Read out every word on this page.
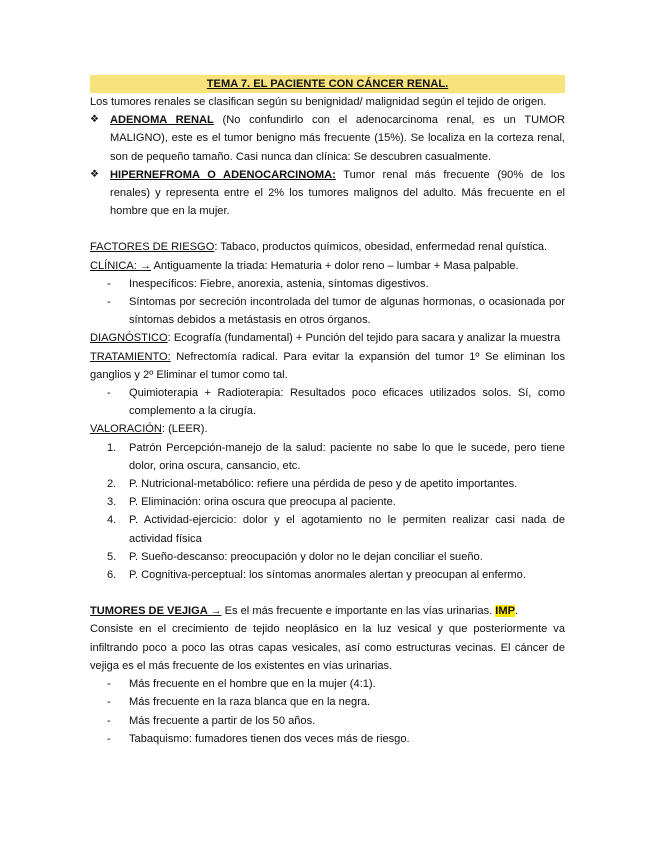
TEMA 7. EL PACIENTE CON CÁNCER RENAL.

Los tumores renales se clasifican según su benignidad/ malignidad según el tejido de origen.

❖ ADENOMA RENAL (No confundirlo con el adenocarcinoma renal, es un TUMOR MALIGNO), este es el tumor benigno más frecuente (15%). Se localiza en la corteza renal, son de pequeño tamaño. Casi nunca dan clínica: Se descubren casualmente.
❖ HIPERNEFROMA O ADENOCARCINOMA: Tumor renal más frecuente (90% de los renales) y representa entre el 2% los tumores malignos del adulto. Más frecuente en el hombre que en la mujer.

FACTORES DE RIESGO: Tabaco, productos químicos, obesidad, enfermedad renal quística.

CLÍNICA: → Antiguamente la triada: Hematuria + dolor reno – lumbar + Masa palpable.

-	Inespecíficos: Fiebre, anorexia, astenia, síntomas digestivos.
-	Síntomas por secreción incontrolada del tumor de algunas hormonas, o ocasionada por síntomas debidos a metástasis en otros órganos.

DIAGNÓSTICO: Ecografía (fundamental) + Punción del tejido para sacara y analizar la muestra

TRATAMIENTO: Nefrectomía radical. Para evitar la expansión del tumor 1º Se eliminan los ganglios y 2º Eliminar el tumor como tal.

-	Quimioterapia + Radioterapia: Resultados poco eficaces utilizados solos. Sí, como complemento a la cirugía.

VALORACIÓN: (LEER).

1.	Patrón Percepción-manejo de la salud: paciente no sabe lo que le sucede, pero tiene dolor, orina oscura, cansancio, etc.
2.	P. Nutricional-metabólico: refiere una pérdida de peso y de apetito importantes.
3.	P. Eliminación: orina oscura que preocupa al paciente.
4.	P. Actividad-ejercicio: dolor y el agotamiento no le permiten realizar casi nada de actividad física
5.	P. Sueño-descanso: preocupación y dolor no le dejan conciliar el sueño.
6.	P. Cognitiva-perceptual: los síntomas anormales alertan y preocupan al enfermo.

TUMORES DE VEJIGA → Es el más frecuente e importante en las vías urinarias. IMP.

Consiste en el crecimiento de tejido neoplásico en la luz vesical y que posteriormente va infiltrando poco a poco las otras capas vesicales, así como estructuras vecinas. El cáncer de vejiga es el más frecuente de los existentes en vías urinarias.

-	Más frecuente en el hombre que en la mujer (4:1).
-	Más frecuente en la raza blanca que en la negra.
-	Más frecuente a partir de los 50 años.
-	Tabaquismo: fumadores tienen dos veces más de riesgo.
